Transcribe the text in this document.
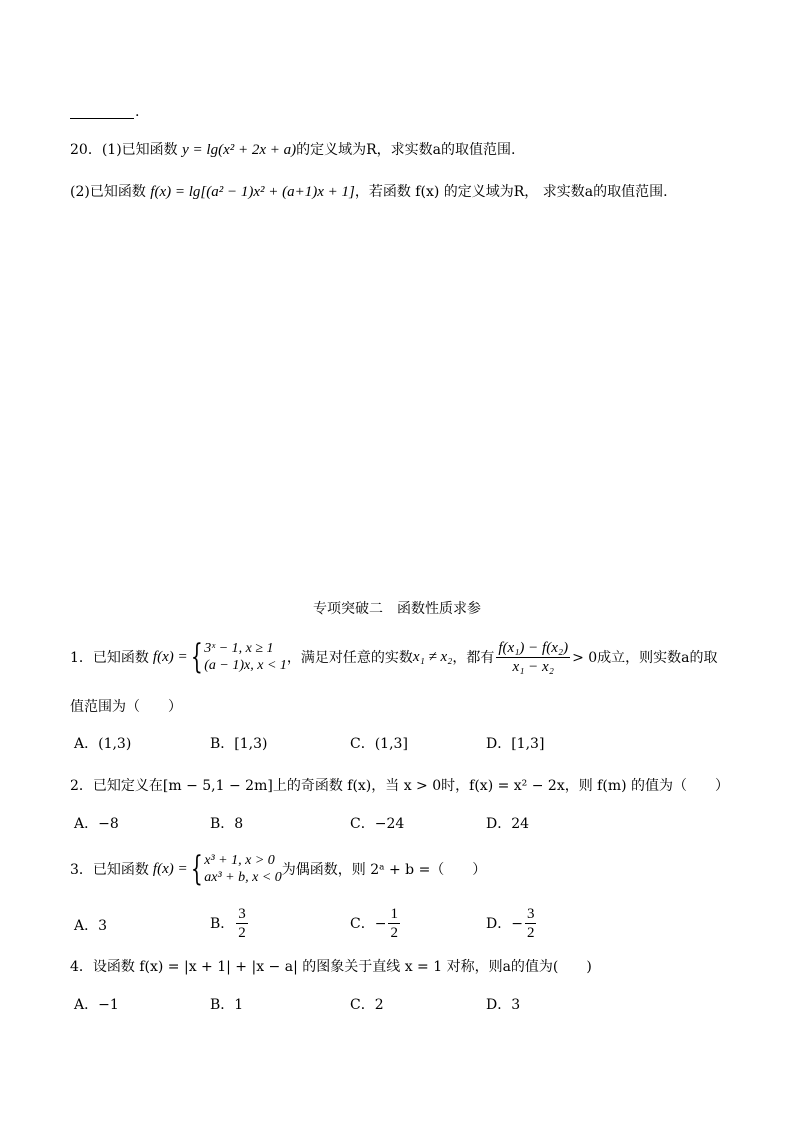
.
20．(1)已知函数 y = lg(x² + 2x + a)的定义域为R，求实数a的取值范围.
(2)已知函数 f(x) = lg[(a² − 1)x² + (a+1)x + 1]，若函数 f(x) 的定义域为R， 求实数a的取值范围.
专项突破二　函数性质求参
1． 已知函数 f(x) = { 3ˣ − 1, x ≥ 1
(a − 1)x, x < 1 ，满足对任意的实数 x₁ ≠ x₂ ，都有 $\frac{\text{f(x₁) − f(x₂)}}{\text{x₁ − x₂}} > 0$成立，则实数a的取
值范围为（　　）
A．(1,3)	B．[1,3)	C．(1,3]	D．[1,3]
2．已知定义在[m − 5,1 − 2m]上的奇函数 f(x)，当 x > 0时，f(x) = x² − 2x，则 f(m) 的值为（　　）
A．−8	B．8	C．−24	D．24
3． 已知函数 f(x) = { x³ + 1, x > 0
ax³ + b, x < 0 为偶函数，则 2ᵃ + b =（　　）
A．3	B． $\frac{3}{2}$	C．− $\frac{1}{2}$	D．− $\frac{3}{2}$
4．设函数 f(x) = |x + 1| + |x − a| 的图象关于直线 x = 1 对称，则a的值为(　　)
A．−1	B．1	C．2	D．3
